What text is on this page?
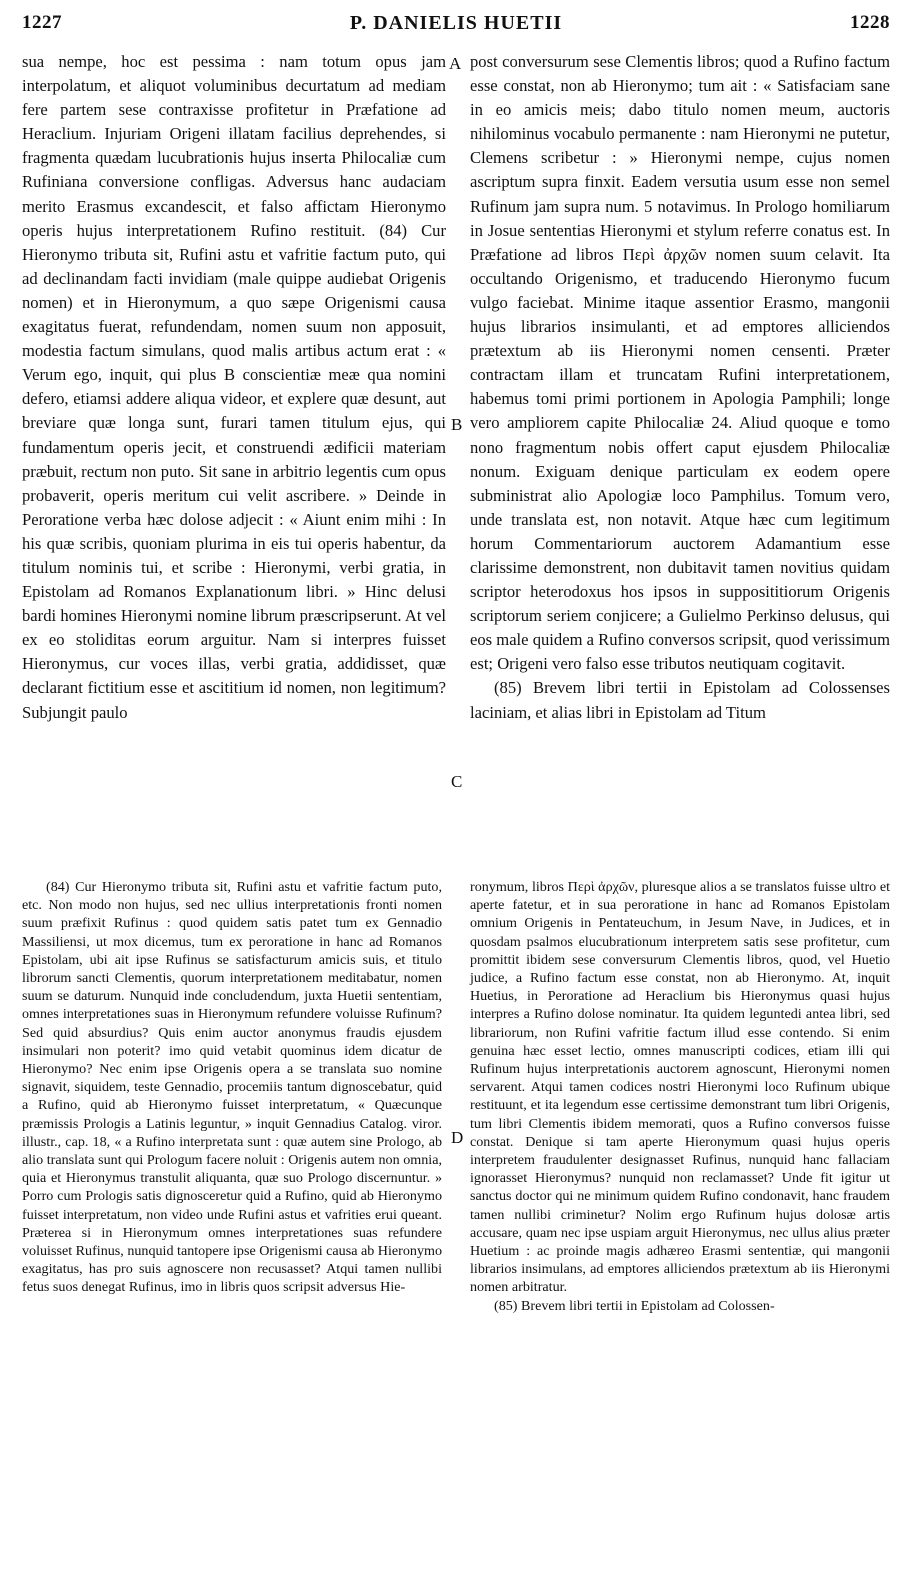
1227	P. DANIELIS HUETII	1228

sua nempe, hoc est pessima : nam totum opus jam interpolatum, et aliquot voluminibus decurtatum ad mediam fere partem sese contraxisse profitetur in Præfatione ad Heraclium. Injuriam Origeni illatam facilius deprehendes, si fragmenta quædam lucubrationis hujus inserta Philocaliæ cum Rufiniana conversione confligas. Adversus hanc audaciam merito Erasmus excandescit, et falso affictam Hieronymo operis hujus interpretationem Rufino restituit. (84) Cur Hieronymo tributa sit, Rufini astu et vafritie factum puto, qui ad declinandam facti invidiam (male quippe audiebat Origenis nomen) et in Hieronymum, a quo sæpe Origenismi causa exagitatus fuerat, refundendam, nomen suum non apposuit, modestia factum simulans, quod malis artibus actum erat : « Verum ego, inquit, qui plus B conscientiæ meæ qua nomini defero, etiamsi addere aliqua videor, et explere quæ desunt, aut breviare quæ longa sunt, furari tamen titulum ejus, qui fundamentum operis jecit, et construendi ædificii materiam præbuit, rectum non puto. Sit sane in arbitrio legentis cum opus probaverit, operis meritum cui velit ascribere. » Deinde in Peroratione verba hæc dolose adjecit : « Aiunt enim mihi : In his quæ scribis, quoniam plurima in eis tui operis habentur, da titulum nominis tui, et scribe : Hieronymi, verbi gratia, in Epistolam ad Romanos Explanationum libri. » Hinc delusi bardi homines Hieronymi nomine librum præscripserunt. At vel ex eo stoliditas eorum arguitur. Nam si interpres fuisset Hieronymus, cur voces illas, verbi gratia, addidisset, quæ declarant fictitium esse et ascititium id nomen, non legitimum? Subjungit paulo

post conversurum sese Clementis libros; quod a Rufino factum esse constat, non ab Hieronymo; tum ait : « Satisfaciam sane in eo amicis meis; dabo titulo nomen meum, auctoris nihilominus vocabulo permanente : nam Hieronymi ne putetur, Clemens scribetur : » Hieronymi nempe, cujus nomen ascriptum supra finxit. Eadem versutia usum esse non semel Rufinum jam supra num. 5 notavimus. In Prologo homiliarum in Josue sententias Hieronymi et stylum referre conatus est. In Præfatione ad libros Περὶ ἀρχῶν nomen suum celavit. Ita occultando Origenismo, et traducendo Hieronymo fucum vulgo faciebat. Minime itaque assentior Erasmo, mangonii hujus librarios insimulanti, et ad emptores alliciendos prætextum ab iis Hieronymi nomen censenti. Præter contractam illam et truncatam Rufini interpretationem, habemus tomi primi portionem in Apologia Pamphili; longe vero ampliorem capite Philocaliæ 24. Aliud quoque e tomo nono fragmentum nobis offert caput ejusdem Philocaliæ nonum. Exiguam denique particulam ex eodem opere subministrat alio Apologiæ loco Pamphilus. Tomum vero, unde translata est, non notavit. Atque hæc cum legitimum horum Commentariorum auctorem Adamantium esse clarissime demonstrent, non dubitavit tamen novitius quidam scriptor heterodoxus hos ipsos in supposititiorum Origenis scriptorum seriem conjicere; a Gulielmo Perkinso delusus, qui eos male quidem a Rufino conversos scripsit, quod verissimum est; Origeni vero falso esse tributos neutiquam cogitavit.

(85) Brevem libri tertii in Epistolam ad Colossenses laciniam, et alias libri in Epistolam ad Titum

A
B
C
D

(84) Cur Hieronymo tributa sit, Rufini astu et vafritie factum puto, etc. Non modo non hujus, sed nec ullius interpretationis fronti nomen suum præfixit Rufinus : quod quidem satis patet tum ex Gennadio Massiliensi, ut mox dicemus, tum ex peroratione in hanc ad Romanos Epistolam, ubi ait ipse Rufinus se satisfacturum amicis suis, et titulo librorum sancti Clementis, quorum interpretationem meditabatur, nomen suum se daturum. Nunquid inde concludendum, juxta Huetii sententiam, omnes interpretationes suas in Hieronymum refundere voluisse Rufinum? Sed quid absurdius? Quis enim auctor anonymus fraudis ejusdem insimulari non poterit? imo quid vetabit quominus idem dicatur de Hieronymo? Nec enim ipse Origenis opera a se translata suo nomine signavit, siquidem, teste Gennadio, procemiis tantum dignoscebatur, quid a Rufino, quid ab Hieronymo fuisset interpretatum, « Quæcunque præmissis Prologis a Latinis leguntur, » inquit Gennadius Catalog. viror. illustr., cap. 18, « a Rufino interpretata sunt : quæ autem sine Prologo, ab alio translata sunt qui Prologum facere noluit : Origenis autem non omnia, quia et Hieronymus transtulit aliquanta, quæ suo Prologo discernuntur. » Porro cum Prologis satis dignosceretur quid a Rufino, quid ab Hieronymo fuisset interpretatum, non video unde Rufini astus et vafrities erui queant. Præterea si in Hieronymum omnes interpretationes suas refundere voluisset Rufinus, nunquid tantopere ipse Origenismi causa ab Hieronymo exagitatus, has pro suis agnoscere non recusasset? Atqui tamen nullibi fetus suos denegat Rufinus, imo in libris quos scripsit adversus Hie-

ronymum, libros Περὶ ἀρχῶν, pluresque alios a se translatos fuisse ultro et aperte fatetur, et in sua peroratione in hanc ad Romanos Epistolam omnium Origenis in Pentateuchum, in Jesum Nave, in Judices, et in quosdam psalmos elucubrationum interpretem satis sese profitetur, cum promittit ibidem sese conversurum Clementis libros, quod, vel Huetio judice, a Rufino factum esse constat, non ab Hieronymo. At, inquit Huetius, in Peroratione ad Heraclium bis Hieronymus quasi hujus interpres a Rufino dolose nominatur. Ita quidem leguntedi antea libri, sed librariorum, non Rufini vafritie factum illud esse contendo. Si enim genuina hæc esset lectio, omnes manuscripti codices, etiam illi qui Rufinum hujus interpretationis auctorem agnoscunt, Hieronymi nomen servarent. Atqui tamen codices nostri Hieronymi loco Rufinum ubique restituunt, et ita legendum esse certissime demonstrant tum libri Origenis, tum libri Clementis ibidem memorati, quos a Rufino conversos fuisse constat. Denique si tam aperte Hieronymum quasi hujus operis interpretem fraudulenter designasset Rufinus, nunquid hanc fallaciam ignorasset Hieronymus? nunquid non reclamasset? Unde fit igitur ut sanctus doctor qui ne minimum quidem Rufino condonavit, hanc fraudem tamen nullibi criminetur? Nolim ergo Rufinum hujus dolosæ artis accusare, quam nec ipse uspiam arguit Hieronymus, nec ullus alius præter Huetium : ac proinde magis adhæreo Erasmi sententiæ, qui mangonii librarios insimulans, ad emptores alliciendos prætextum ab iis Hieronymi nomen arbitratur.

(85) Brevem libri tertii in Epistolam ad Colossen-
